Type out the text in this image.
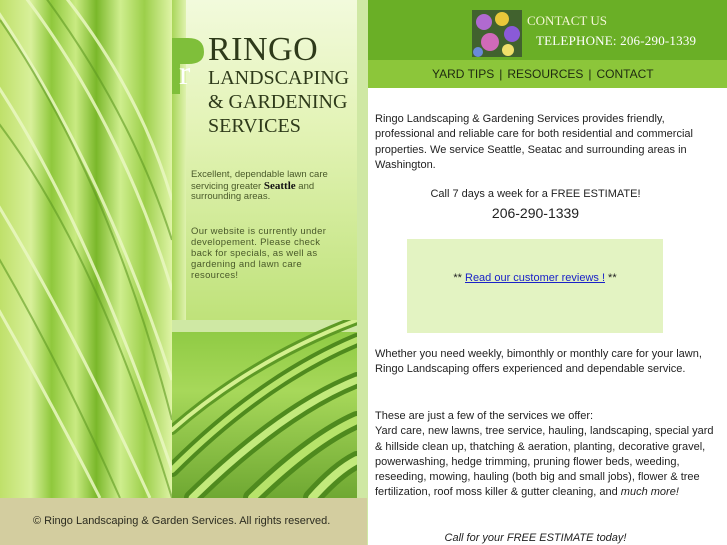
r
RINGO
LANDSCAPING
& GARDENING
SERVICES
Excellent, dependable lawn care servicing greater Seattle and surrounding areas.
Our website is currently under developement. Please check back for specials, as well as gardening and lawn care resources!
© Ringo Landscaping & Garden Services. All rights reserved.
CONTACT US
TELEPHONE: 206-290-1339
YARD TIPS | RESOURCES | CONTACT
Ringo Landscaping & Gardening Services provides friendly, professional and reliable care for both residential and commercial properties. We service Seattle, Seatac and surrounding areas in Washington.
Call 7 days a week for a FREE ESTIMATE!
206-290-1339
** Read our customer reviews ! **
Whether you need weekly, bimonthly or monthly care for your lawn, Ringo Landscaping offers experienced and dependable service.
These are just a few of the services we offer:
Yard care, new lawns, tree service, hauling, landscaping, special yard & hillside clean up, thatching & aeration, planting, decorative gravel, powerwashing, hedge trimming, pruning flower beds, weeding, reseeding, mowing, hauling (both big and small jobs), flower & tree fertilization, roof moss killer & gutter cleaning, and much more!
Call for your FREE ESTIMATE today!
